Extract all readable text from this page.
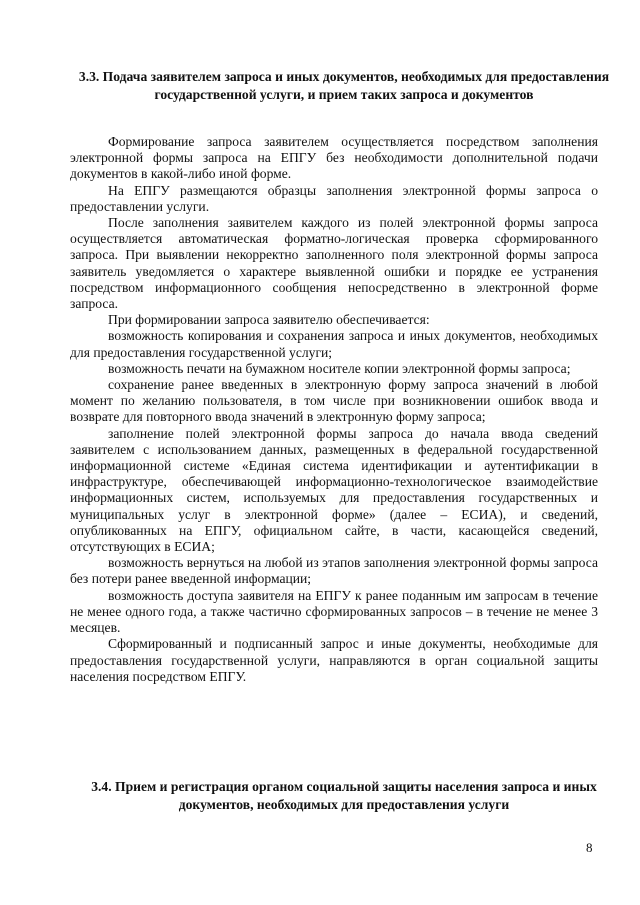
3.3. Подача заявителем запроса и иных документов, необходимых для предоставления государственной услуги, и прием таких запроса и документов

Формирование запроса заявителем осуществляется посредством заполнения электронной формы запроса на ЕПГУ без необходимости дополнительной подачи документов в какой-либо иной форме.

На ЕПГУ размещаются образцы заполнения электронной формы запроса о предоставлении услуги.

После заполнения заявителем каждого из полей электронной формы запроса осуществляется автоматическая форматно-логическая проверка сформированного запроса. При выявлении некорректно заполненного поля электронной формы запроса заявитель уведомляется о характере выявленной ошибки и порядке ее устранения посредством информационного сообщения непосредственно в электронной форме запроса.

При формировании запроса заявителю обеспечивается:

возможность копирования и сохранения запроса и иных документов, необходимых для предоставления государственной услуги;

возможность печати на бумажном носителе копии электронной формы запроса;

сохранение ранее введенных в электронную форму запроса значений в любой момент по желанию пользователя, в том числе при возникновении ошибок ввода и возврате для повторного ввода значений в электронную форму запроса;

заполнение полей электронной формы запроса до начала ввода сведений заявителем с использованием данных, размещенных в федеральной государственной информационной системе «Единая система идентификации и аутентификации в инфраструктуре, обеспечивающей информационно-технологическое взаимодействие информационных систем, используемых для предоставления государственных и муниципальных услуг в электронной форме» (далее – ЕСИА), и сведений, опубликованных на ЕПГУ, официальном сайте, в части, касающейся сведений, отсутствующих в ЕСИА;

возможность вернуться на любой из этапов заполнения электронной формы запроса без потери ранее введенной информации;

возможность доступа заявителя на ЕПГУ к ранее поданным им запросам в течение не менее одного года, а также частично сформированных запросов – в течение не менее 3 месяцев.

Сформированный и подписанный запрос и иные документы, необходимые для предоставления государственной услуги, направляются в орган социальной защиты населения посредством ЕПГУ.

3.4. Прием и регистрация органом социальной защиты населения запроса и иных документов, необходимых для предоставления услуги
8
